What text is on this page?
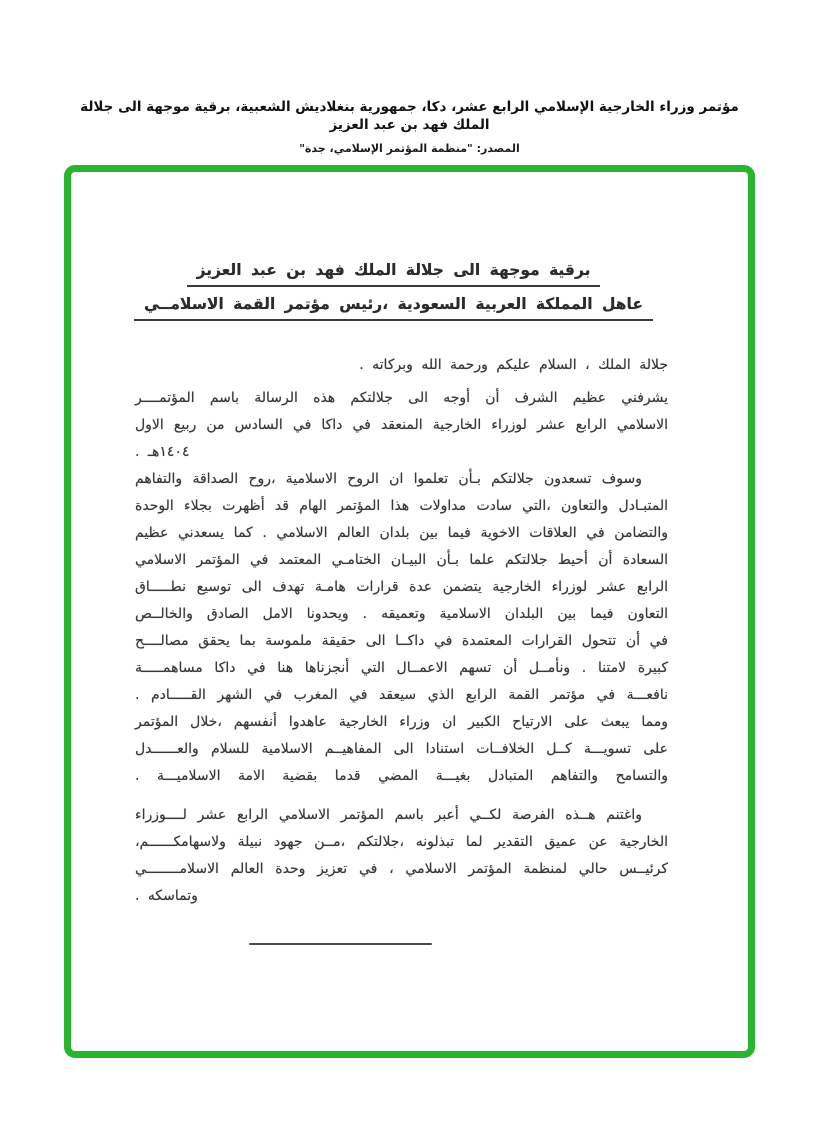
مؤتمر وزراء الخارجية الإسلامي الرابع عشر، دكا، جمهورية بنغلاديش الشعبية، برقية موجهة الى جلالة الملك فهد بن عبد العزيز
المصدر: "منظمة المؤتمر الإسلامي، جدة"
برقية موجهة الى جلالة الملك فهد بن عبد العزيز
عاهل المملكة العربية السعودية ،رئيس مؤتمر القمة الاسلامــي
جلالة الملك ، السلام عليكم ورحمة الله وبركاته .
يشرفني عظيم الشرف أن أوجه الى جلالتكم هذه الرسالة باسم المؤتمــــر
الاسلامي الرابع عشر لوزراء الخارجية المنعقد في داكا في السادس من ربيع الاول
١٤٠٤هـ .
وسوف تسعدون جلالتكم بـأن تعلموا ان الروح الاسلامية ،روح الصداقة والتفاهم
المتبـادل والتعاون ،التي سادت مداولات هذا المؤتمر الهام قد أظهرت بجلاء الوحدة
والتضامن في العلاقات الاخوية فيما بين بلدان العالم الاسلامي . كما يسعدني عظيم
السعادة أن أحيط جلالتكم علما بـأن البيـان الختامـي المعتمد في المؤتمر الاسلامي
الرابع عشر لوزراء الخارجية يتضمن عدة قرارات هامـة تهدف الى توسيع نطـــــاق
التعاون فيما بين البلدان الاسلامية وتعميقه . ويحدونا الامل الصادق والخالــص
في أن تتحول القرارات المعتمدة في داكــا الى حقيقة ملموسة بما يحقق مصالــــح
كبيرة لامتنا . ونأمــل أن تسهم الاعمــال التي أنجزناها هنا في داكا مساهمـــــة
نافعـــة في مؤتمر القمة الرابع الذي سيعقد في المغرب في الشهر القـــــادم .
ومما يبعث على الارتياح الكبير ان وزراء الخارجية عاهدوا أنفسهم ،خلال المؤتمر
على تسويـــة كــل الخلافــات استنادا الى المفاهيــم الاسلامية للسلام والعــــــدل
والتسامح والتفاهم المتبادل بغيـــة المضي قدما بقضية الامة الاسلاميـــة .
واغتنم هــذه الفرصة لكــي أعبر باسم المؤتمر الاسلامي الرابع عشر لــــوزراء
الخارجية عن عميق التقدير لما تبذلونه ،جلالتكم ،مــن جهود نبيلة ولاسهامكــــــم،
كرئيــس حالي لمنظمة المؤتمر الاسلامي ، في تعزيز وحدة العالم الاسلامــــــــي
وتماسكه .
